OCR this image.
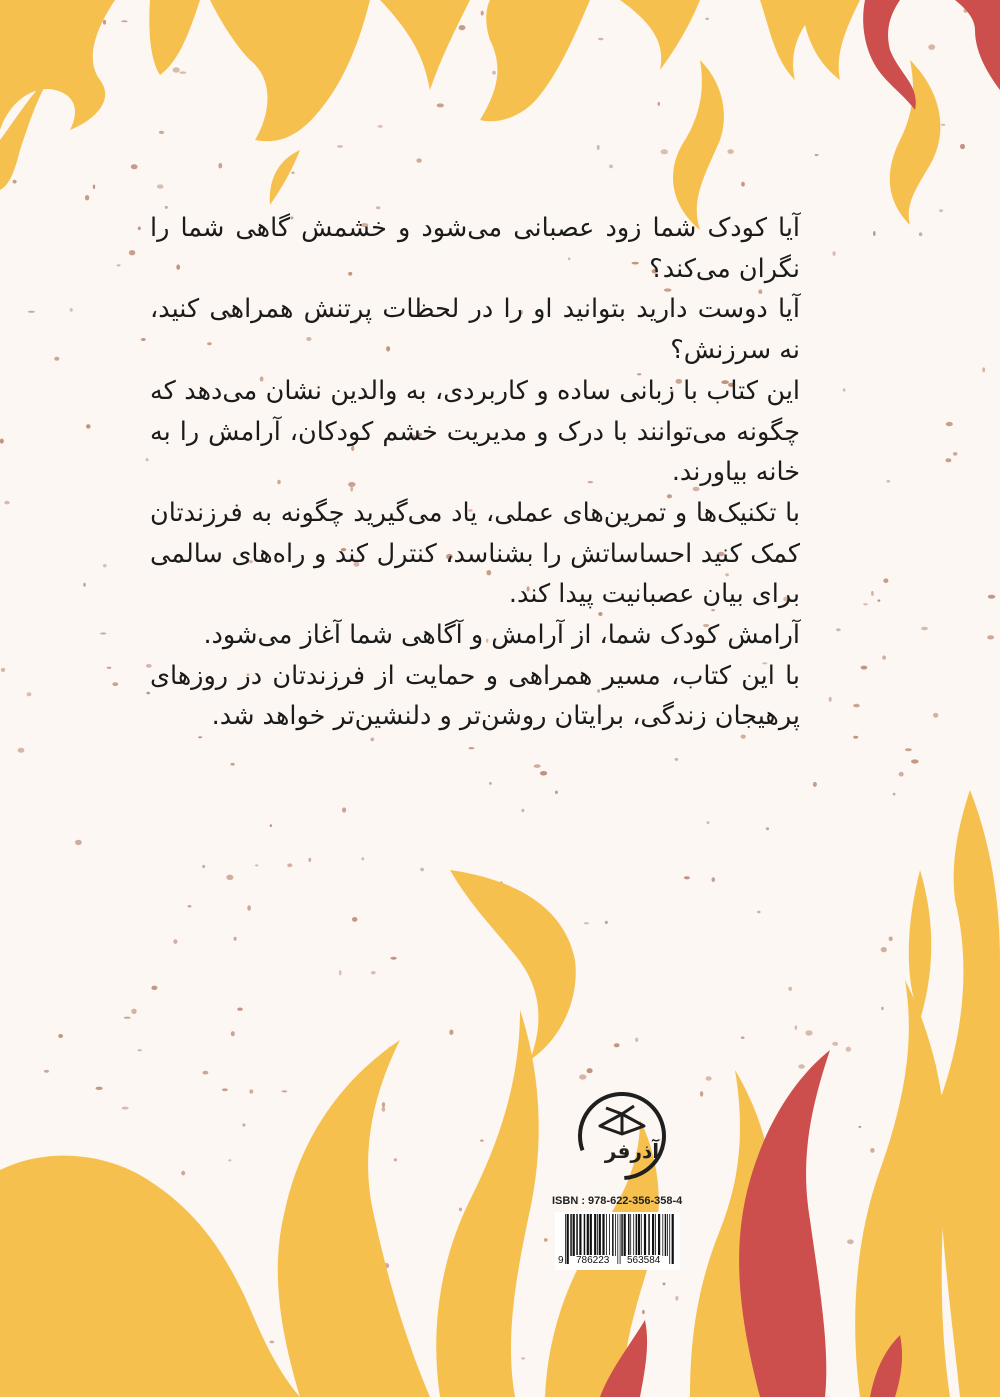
آیا کودک شما زود عصبانی می‌شود و خشمش گاهی شما را نگران می‌کند؟

آیا دوست دارید بتوانید او را در لحظات پرتنش همراهی کنید، نه سرزنش؟

این کتاب با زبانی ساده و کاربردی، به والدین نشان می‌دهد که چگونه می‌توانند با درک و مدیریت خشم کودکان، آرامش را به خانه بیاورند.

با تکنیک‌ها و تمرین‌های عملی، یاد می‌گیرید چگونه به فرزندتان کمک کنید احساساتش را بشناسد، کنترل کند و راه‌های سالمی برای بیان عصبانیت پیدا کند.

آرامش کودک شما، از آرامش و آگاهی شما آغاز می‌شود.

با این کتاب، مسیر همراهی و حمایت از فرزندتان در روزهای پرهیجان زندگی، برایتان روشن‌تر و دلنشین‌تر خواهد شد.

آذرفر
ISBN : 978-622-356-358-4
9 786223 563584
